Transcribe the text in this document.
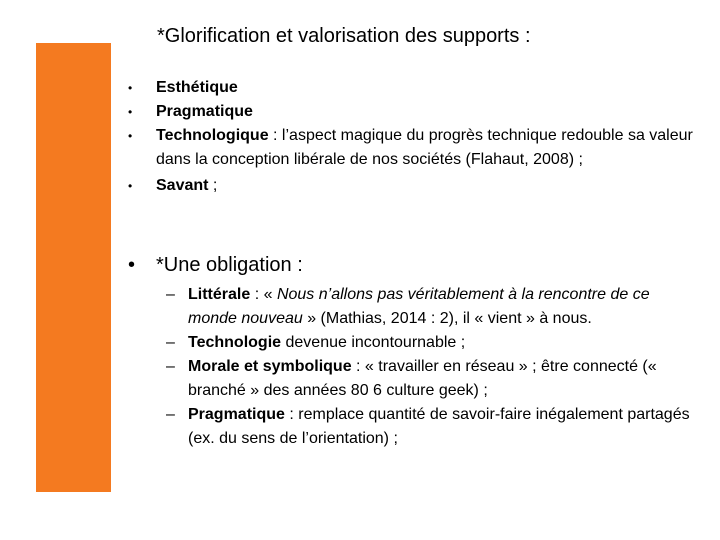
*Glorification et valorisation des supports :
• Esthétique
• Pragmatique
• Technologique : l’aspect magique du progrès technique redouble sa valeur dans la conception libérale de nos sociétés (Flahaut, 2008) ;
• Savant ;
• *Une obligation :
– Littérale : « Nous n’allons pas véritablement à la rencontre de ce monde nouveau » (Mathias, 2014 : 2), il « vient » à nous.
– Technologie devenue incontournable ;
– Morale et symbolique : « travailler en réseau » ; être connecté (« branché » des années 80 6 culture geek) ;
– Pragmatique : remplace quantité de savoir-faire inégalement partagés (ex. du sens de l’orientation) ;
